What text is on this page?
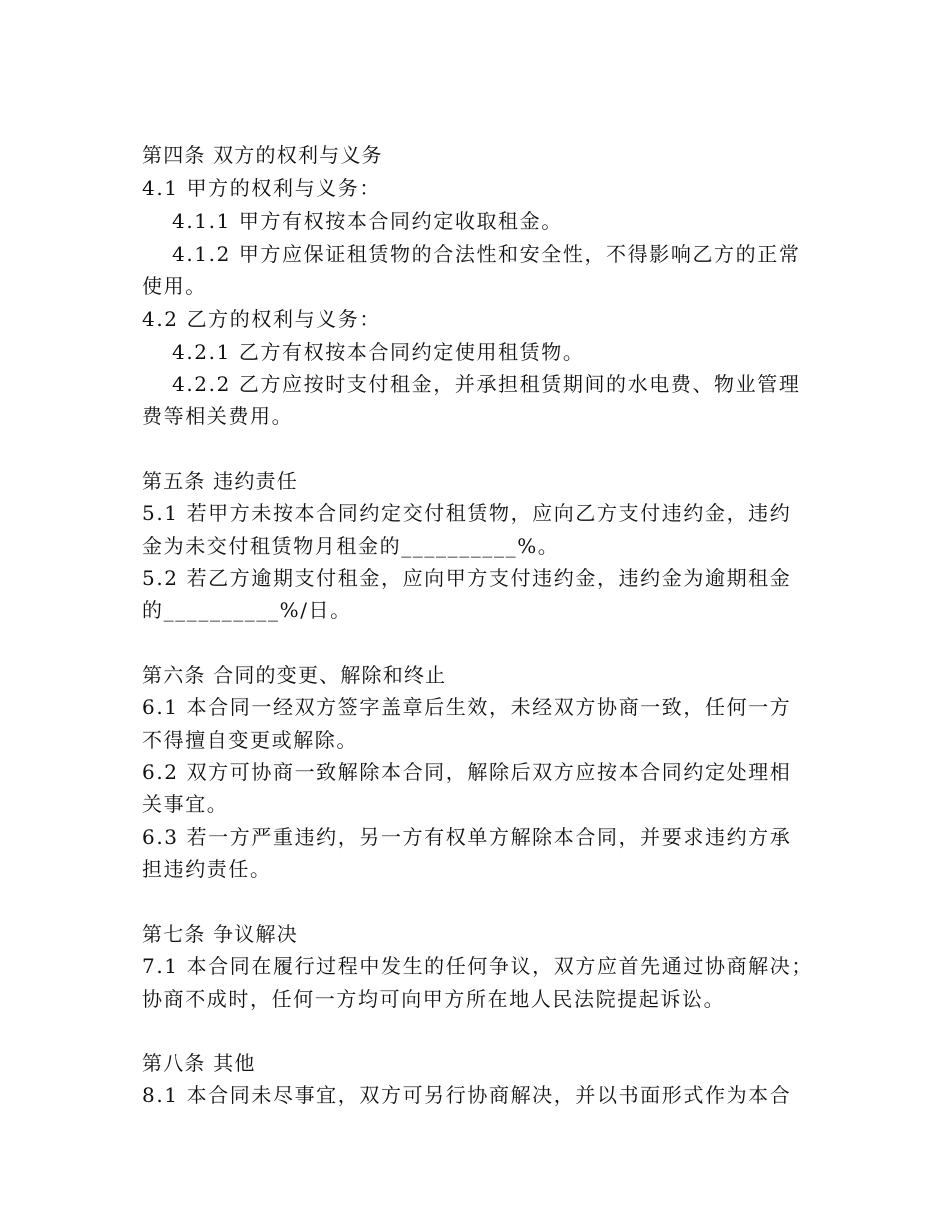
第四条 双方的权利与义务
4.1 甲方的权利与义务：
4.1.1 甲方有权按本合同约定收取租金。
4.1.2 甲方应保证租赁物的合法性和安全性，不得影响乙方的正常
使用。
4.2 乙方的权利与义务：
4.2.1 乙方有权按本合同约定使用租赁物。
4.2.2 乙方应按时支付租金，并承担租赁期间的水电费、物业管理
费等相关费用。
第五条 违约责任
5.1 若甲方未按本合同约定交付租赁物，应向乙方支付违约金，违约
金为未交付租赁物月租金的__________%。
5.2 若乙方逾期支付租金，应向甲方支付违约金，违约金为逾期租金
的__________%/日。
第六条 合同的变更、解除和终止
6.1 本合同一经双方签字盖章后生效，未经双方协商一致，任何一方
不得擅自变更或解除。
6.2 双方可协商一致解除本合同，解除后双方应按本合同约定处理相
关事宜。
6.3 若一方严重违约，另一方有权单方解除本合同，并要求违约方承
担违约责任。
第七条 争议解决
7.1 本合同在履行过程中发生的任何争议，双方应首先通过协商解决；
协商不成时，任何一方均可向甲方所在地人民法院提起诉讼。
第八条 其他
8.1 本合同未尽事宜，双方可另行协商解决，并以书面形式作为本合
